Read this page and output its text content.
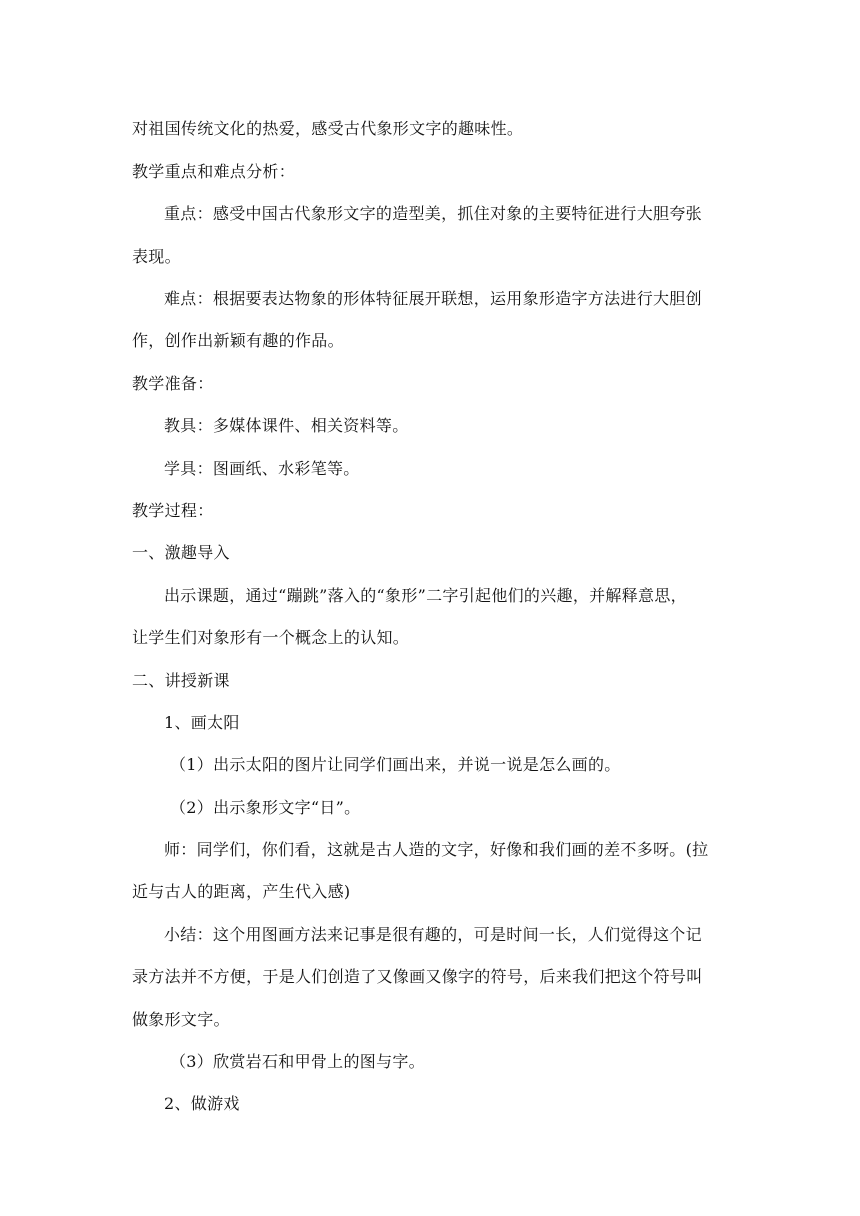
对祖国传统文化的热爱，感受古代象形文字的趣味性。
教学重点和难点分析：
重点：感受中国古代象形文字的造型美，抓住对象的主要特征进行大胆夸张
表现。
难点：根据要表达物象的形体特征展开联想，运用象形造字方法进行大胆创
作，创作出新颖有趣的作品。
教学准备：
教具：多媒体课件、相关资料等。
学具：图画纸、水彩笔等。
教学过程：
一、激趣导入
出示课题，通过“蹦跳”落入的“象形”二字引起他们的兴趣，并解释意思，
让学生们对象形有一个概念上的认知。
二、讲授新课
1、画太阳
（1）出示太阳的图片让同学们画出来，并说一说是怎么画的。
（2）出示象形文字“日”。
师：同学们，你们看，这就是古人造的文字，好像和我们画的差不多呀。(拉
近与古人的距离，产生代入感)
小结：这个用图画方法来记事是很有趣的，可是时间一长，人们觉得这个记
录方法并不方便，于是人们创造了又像画又像字的符号，后来我们把这个符号叫
做象形文字。
（3）欣赏岩石和甲骨上的图与字。
2、做游戏
